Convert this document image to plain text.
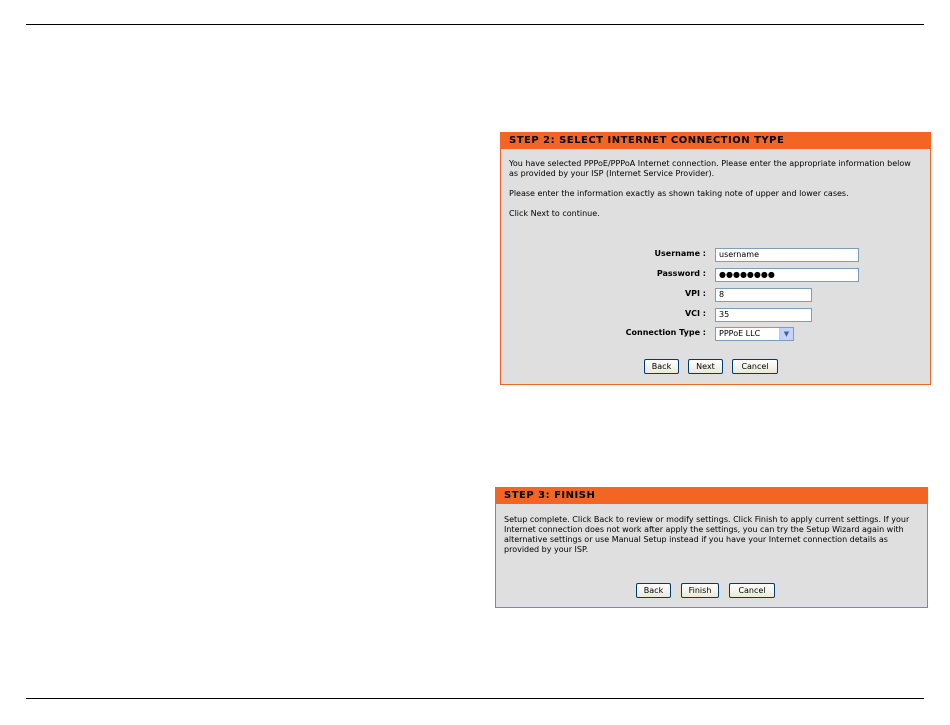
STEP 2: SELECT INTERNET CONNECTION TYPE

You have selected PPPoE/PPPoA Internet connection. Please enter the appropriate information below as provided by your ISP (Internet Service Provider).

Please enter the information exactly as shown taking note of upper and lower cases.

Click Next to continue.

Username :	username
Password :	●●●●●●●●
VPI :	8
VCI :	35
Connection Type :	PPPoE LLC	▼
Back	Next	Cancel
STEP 3: FINISH

Setup complete. Click Back to review or modify settings. Click Finish to apply current settings. If your Internet connection does not work after apply the settings, you can try the Setup Wizard again with alternative settings or use Manual Setup instead if you have your Internet connection details as provided by your ISP.

Back	Finish	Cancel
